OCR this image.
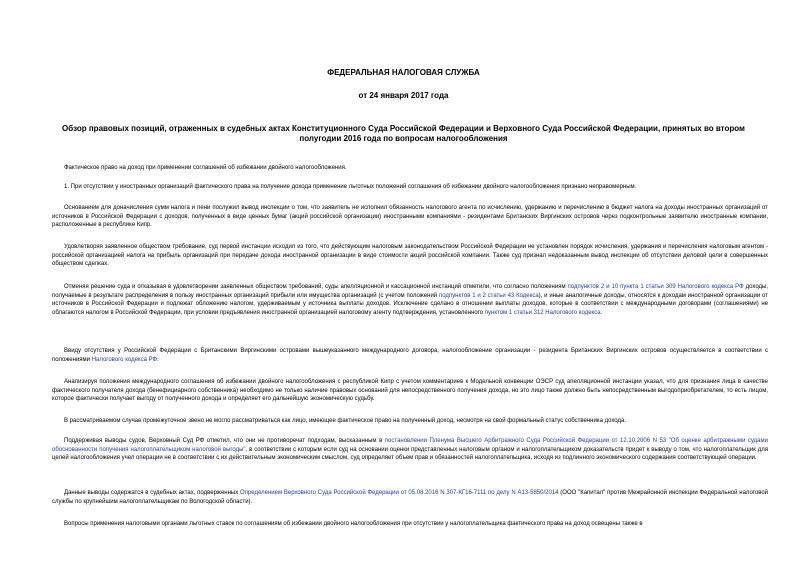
ФЕДЕРАЛЬНАЯ НАЛОГОВАЯ СЛУЖБА
от 24 января 2017 года
Обзор правовых позиций, отраженных в судебных актах Конституционного Суда Российской Федерации и Верховного Суда Российской Федерации, принятых во втором полугодии 2016 года по вопросам налогообложения
Фактическое право на доход при применении соглашений об избежании двойного налогообложения.
1. При отсутствии у иностранных организаций фактического права на получение дохода применение льготных положений соглашения об избежании двойного налогообложения признано неправомерным.
Основанием для доначисления сумм налога и пени послужил вывод инспекции о том, что заявитель не исполнил обязанность налогового агента по исчислению, удержанию и перечислению в бюджет налога на доходы иностранных организаций от источников в Российской Федерации с доходов, полученных в виде ценных бумаг (акций российской организации) иностранными компаниями - резидентами Британских Виргинских островов через подконтрольные заявителю иностранные компании, расположенные в республике Кипр.
Удовлетворяя заявленное обществом требование, суд первой инстанции исходил из того, что действующим налоговым законодательством Российской Федерации не установлен порядок исчисления, удержания и перечисления налоговым агентом - российской организацией налога на прибыль организаций при передаче дохода иностранной организации в виде стоимости акций российской компании. Также суд признал недоказанным вывод инспекции об отсутствии деловой цели в совершенных обществом сделках.
Отменяя решение суда и отказывая в удовлетворении заявленных обществом требований, суды апелляционной и кассационной инстанций отметили, что согласно положениям подпунктов 2 и 10 пункта 1 статьи 309 Налогового кодекса РФ доходы, получаемые в результате распределения в пользу иностранных организаций прибыли или имущества организаций (с учетом положений подпунктов 1 и 2 статьи 43 Кодекса), и иные аналогичные доходы, относятся к доходам иностранной организации от источников в Российской Федерации и подлежат обложению налогом, удерживаемым у источника выплаты доходов. Исключение сделано в отношении выплаты доходов, которые в соответствии с международными договорами (соглашениями) не облагаются налогом в Российской Федерации, при условии предъявления иностранной организацией налоговому агенту подтверждения, установленного пунктом 1 статьи 312 Налогового кодекса.
Ввиду отсутствия у Российской Федерации с Британскими Виргинскими островами вышеуказанного международного договора, налогообложение организации - резидента Британских Виргинских островов осуществляется в соответствии с положениями Налогового кодекса РФ.
Анализируя положения международного соглашения об избежании двойного налогообложения с республикой Кипр с учетом комментариев к Модельной конвенции ОЭСР суд апелляционной инстанции указал, что для признания лица в качестве фактического получателя дохода (бенефициарного собственника) необходимо не только наличие правовых оснований для непосредственного получения дохода, но это лицо также должно быть непосредственным выгодоприобретателем, то есть лицом, которое фактически получает выгоду от полученного дохода и определяет его дальнейшую экономическую судьбу.
В рассматриваемом случае промежуточное звено не могло рассматриваться как лицо, имеющее фактическое право на полученный доход, несмотря на свой формальный статус собственника дохода.
Поддерживая выводы судов, Верховный Суд РФ отметил, что они не противоречат подходам, высказанным в постановлении Пленума Высшего Арбитражного Суда Российской Федерации от 12.10.2006 N 53 "Об оценке арбитражными судами обоснованности получения налогоплательщиком налоговой выгоды", в соответствии с которым если суд на основании оценки представленных налоговым органом и налогоплательщиком доказательств придет к выводу о том, что налогоплательщик для целей налогообложения учел операции не в соответствии с их действительным экономическим смыслом, суд определяет объем прав и обязанностей налогоплательщика, исходя из подлинного экономического содержания соответствующей операции.
Данные выводы содержатся в судебных актах, подверженных Определением Верховного Суда Российской Федерации от 05.08.2016 N 307-КГ16-7111 по делу N А13-5850/2014 (ООО "Капитал" против Межрайонной инспекции Федеральной налоговой службы по крупнейшим налогоплательщикам по Вологодской области).
Вопросы применения налоговыми органами льготных ставок по соглашениям об избежании двойного налогообложения при отсутствии у налогоплательщика фактического права на доход освещены также в
